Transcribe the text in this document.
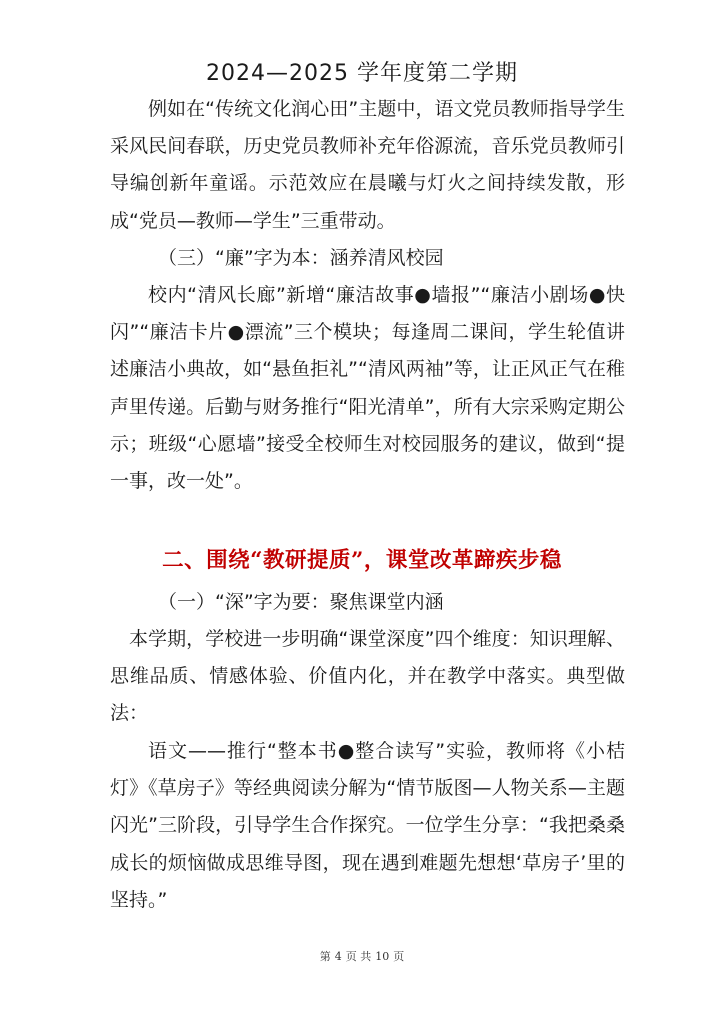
2024—2025 学年度第二学期
例如在“传统文化润心田”主题中，语文党员教师指导学生采风民间春联，历史党员教师补充年俗源流，音乐党员教师引导编创新年童谣。示范效应在晨曦与灯火之间持续发散，形成“党员—教师—学生”三重带动。
（三）“廉”字为本：涵养清风校园
校内“清风长廊”新增“廉洁故事●墙报”“廉洁小剧场●快闪”“廉洁卡片●漂流”三个模块；每逢周二课间，学生轮值讲述廉洁小典故，如“悬鱼拒礼”“清风两袖”等，让正风正气在稚声里传递。后勤与财务推行“阳光清单”，所有大宗采购定期公示；班级“心愿墙”接受全校师生对校园服务的建议，做到“提一事，改一处”。
二、围绕“教研提质”，课堂改革蹄疾步稳
（一）“深”字为要：聚焦课堂内涵
本学期，学校进一步明确“课堂深度”四个维度：知识理解、思维品质、情感体验、价值内化，并在教学中落实。典型做法：
语文——推行“整本书●整合读写”实验，教师将《小桔灯》《草房子》等经典阅读分解为“情节版图—人物关系—主题闪光”三阶段，引导学生合作探究。一位学生分享：“我把桑桑成长的烦恼做成思维导图，现在遇到难题先想想‘草房子’里的坚持。”
第 4 页 共 10 页
